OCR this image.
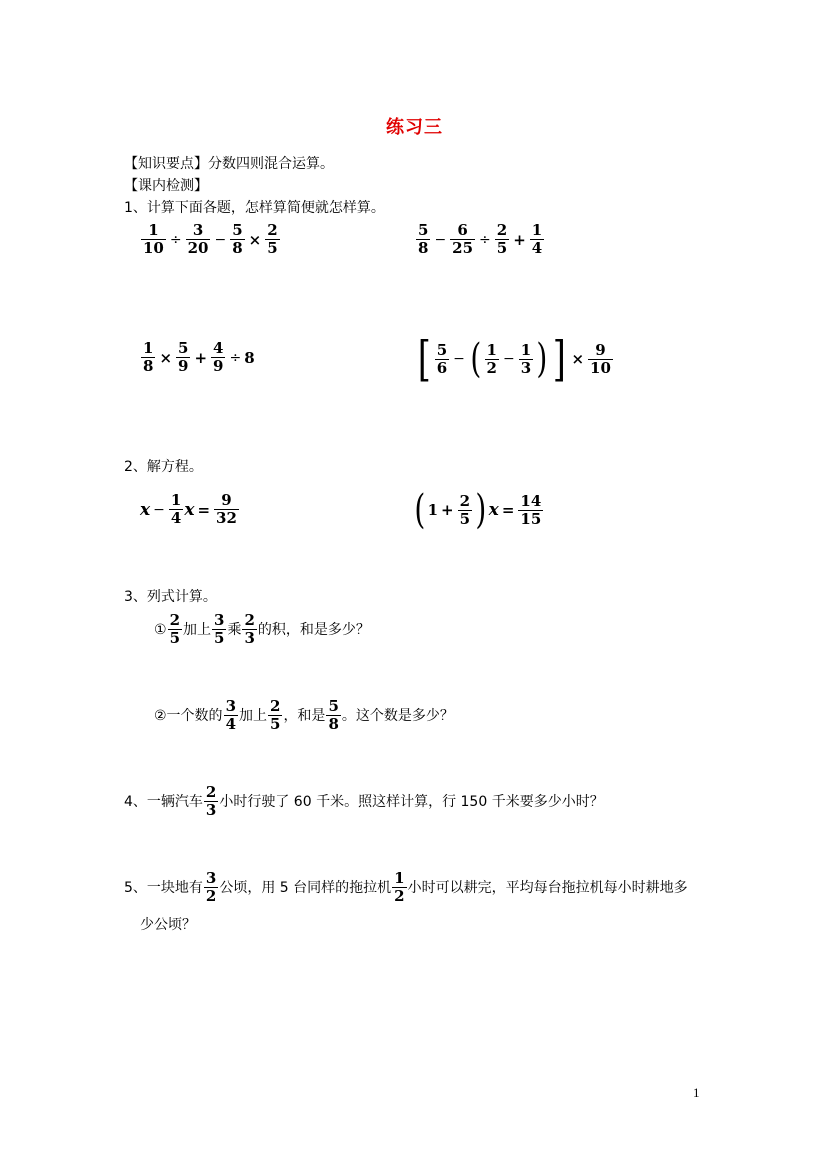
练习三
【知识要点】分数四则混合运算。
【课内检测】
1、计算下面各题，怎样算简便就怎样算。
$\frac{1}{10} \div \frac{3}{20} - \frac{5}{8} \times \frac{2}{5}$	$\frac{5}{8} - \frac{6}{25} \div \frac{2}{5} + \frac{1}{4}$
$\frac{1}{8} \times \frac{5}{9} + \frac{4}{9} \div 8$	[ $\frac{5}{6}$ − ( $\frac{1}{2} - \frac{1}{3}$ ) ] × $\frac{9}{10}$
2、解方程。
$x - \frac{1}{4}$ $x = \frac{9}{32}$	( $1 + \frac{2}{5}$ ) $x = \frac{14}{15}$
3、列式计算。
① $\frac{2}{5}$ 加上 $\frac{3}{5}$ 乘 $\frac{2}{3}$ 的积，和是多少？
②一个数的 $\frac{3}{4}$ 加上 $\frac{2}{5}$ ，和是 $\frac{5}{8}$ 。这个数是多少？
4、一辆汽车 $\frac{2}{3}$ 小时行驶了 60 千米。照这样计算，行 150 千米要多少小时？
5、一块地有 $\frac{3}{2}$ 公顷，用 5 台同样的拖拉机 $\frac{1}{2}$ 小时可以耕完，平均每台拖拉机每小时耕地多
少公顷？
1
